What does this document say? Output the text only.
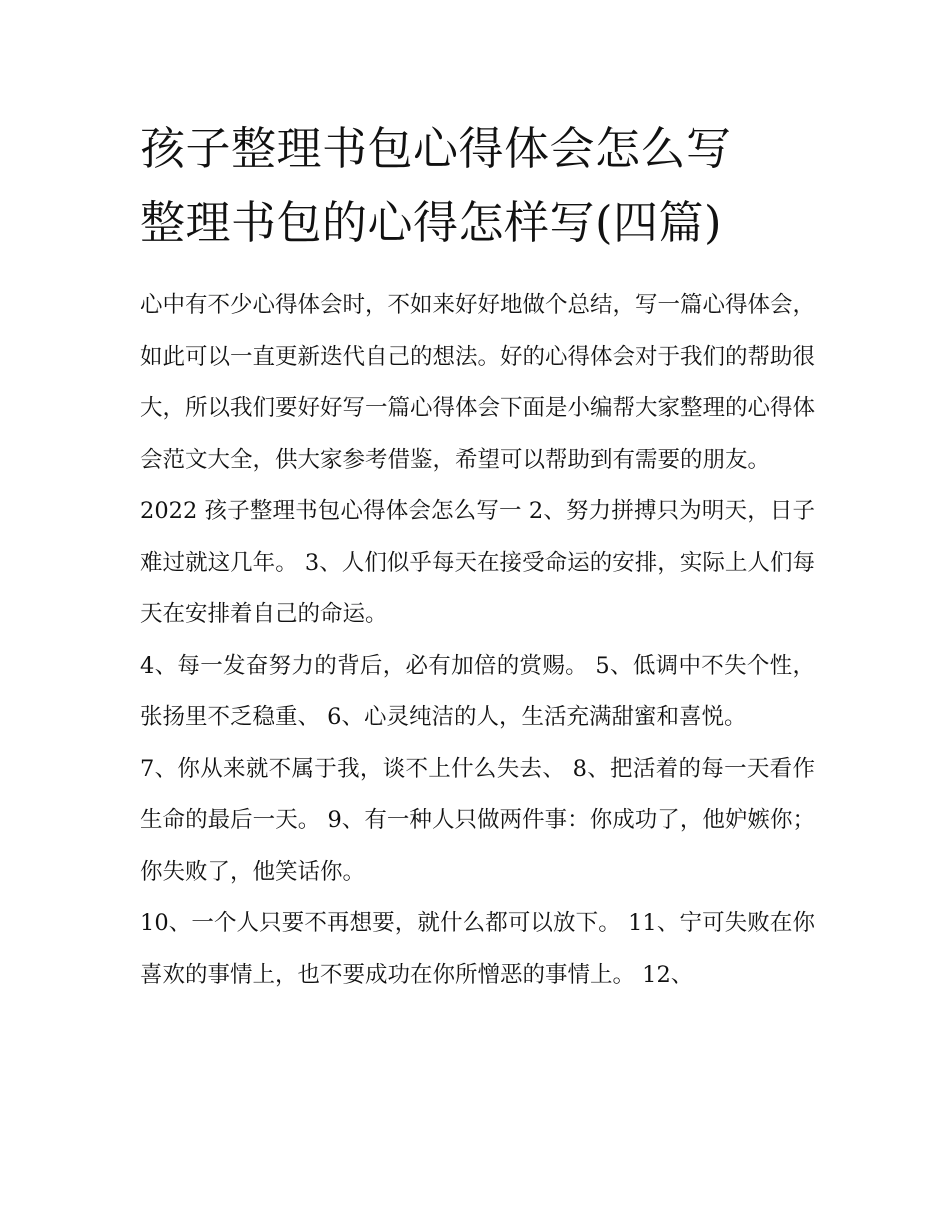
孩子整理书包心得体会怎么写
整理书包的心得怎样写(四篇)

心中有不少心得体会时，不如来好好地做个总结，写一篇心得体会，如此可以一直更新迭代自己的想法。好的心得体会对于我们的帮助很大，所以我们要好好写一篇心得体会下面是小编帮大家整理的心得体会范文大全，供大家参考借鉴，希望可以帮助到有需要的朋友。

2022 孩子整理书包心得体会怎么写一 2、努力拼搏只为明天，日子难过就这几年。 3、人们似乎每天在接受命运的安排，实际上人们每天在安排着自己的命运。

4、每一发奋努力的背后，必有加倍的赏赐。 5、低调中不失个性，张扬里不乏稳重、 6、心灵纯洁的人，生活充满甜蜜和喜悦。

7、你从来就不属于我，谈不上什么失去、 8、把活着的每一天看作生命的最后一天。 9、有一种人只做两件事：你成功了，他妒嫉你；你失败了，他笑话你。

10、一个人只要不再想要，就什么都可以放下。 11、宁可失败在你喜欢的事情上，也不要成功在你所憎恶的事情上。 12、
